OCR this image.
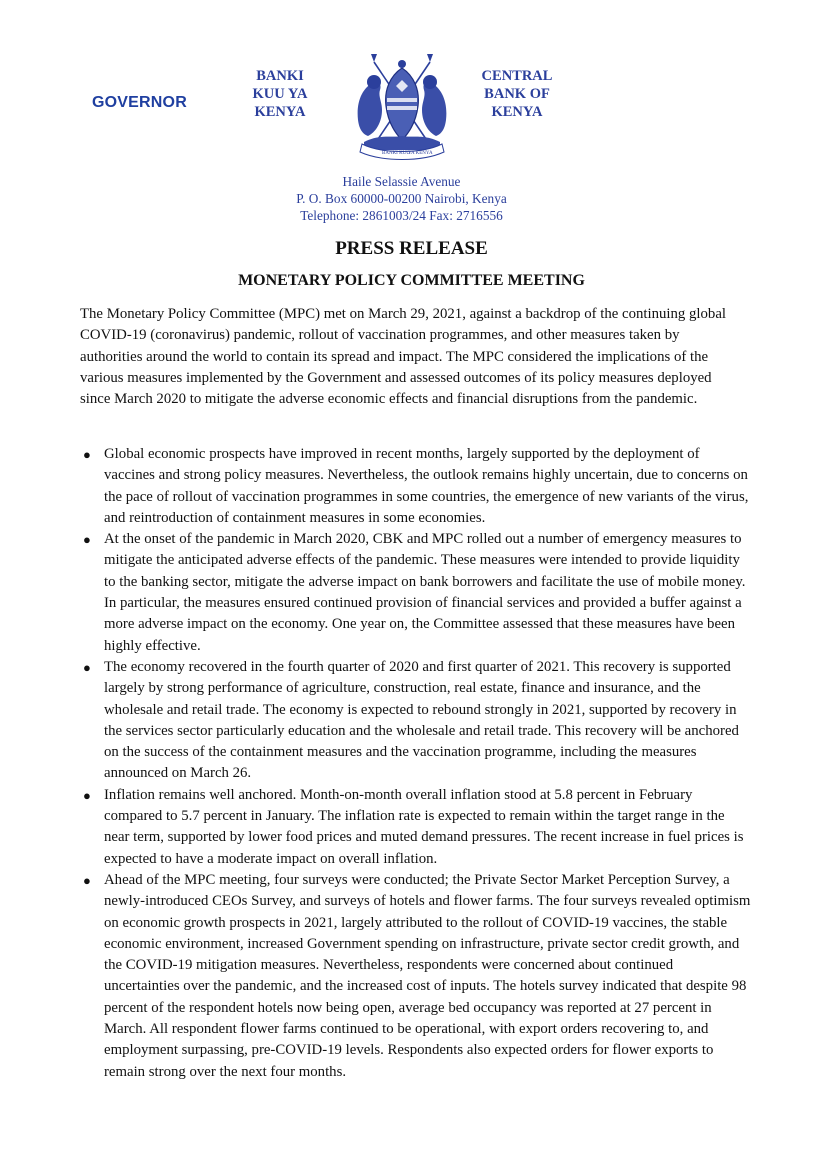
GOVERNOR
BANKI
KUU YA
KENYA
BANKI KUU
YA KENYA
CENTRAL
BANK OF
KENYA
Haile Selassie Avenue
P. O. Box 60000-00200 Nairobi, Kenya
Telephone: 2861003/24 Fax: 2716556
PRESS RELEASE
MONETARY POLICY COMMITTEE MEETING

The Monetary Policy Committee (MPC) met on March 29, 2021, against a backdrop of the continuing global COVID-19 (coronavirus) pandemic, rollout of vaccination programmes, and other measures taken by authorities around the world to contain its spread and impact. The MPC considered the implications of the various measures implemented by the Government and assessed outcomes of its policy measures deployed since March 2020 to mitigate the adverse economic effects and financial disruptions from the pandemic.

● Global economic prospects have improved in recent months, largely supported by the deployment of vaccines and strong policy measures. Nevertheless, the outlook remains highly uncertain, due to concerns on the pace of rollout of vaccination programmes in some countries, the emergence of new variants of the virus, and reintroduction of containment measures in some economies.
● At the onset of the pandemic in March 2020, CBK and MPC rolled out a number of emergency measures to mitigate the anticipated adverse effects of the pandemic. These measures were intended to provide liquidity to the banking sector, mitigate the adverse impact on bank borrowers and facilitate the use of mobile money. In particular, the measures ensured continued provision of financial services and provided a buffer against a more adverse impact on the economy. One year on, the Committee assessed that these measures have been highly effective.
● The economy recovered in the fourth quarter of 2020 and first quarter of 2021. This recovery is supported largely by strong performance of agriculture, construction, real estate, finance and insurance, and the wholesale and retail trade. The economy is expected to rebound strongly in 2021, supported by recovery in the services sector particularly education and the wholesale and retail trade. This recovery will be anchored on the success of the containment measures and the vaccination programme, including the measures announced on March 26.
● Inflation remains well anchored. Month-on-month overall inflation stood at 5.8 percent in February compared to 5.7 percent in January. The inflation rate is expected to remain within the target range in the near term, supported by lower food prices and muted demand pressures. The recent increase in fuel prices is expected to have a moderate impact on overall inflation.
● Ahead of the MPC meeting, four surveys were conducted; the Private Sector Market Perception Survey, a newly-introduced CEOs Survey, and surveys of hotels and flower farms. The four surveys revealed optimism on economic growth prospects in 2021, largely attributed to the rollout of COVID-19 vaccines, the stable economic environment, increased Government spending on infrastructure, private sector credit growth, and the COVID-19 mitigation measures. Nevertheless, respondents were concerned about continued uncertainties over the pandemic, and the increased cost of inputs. The hotels survey indicated that despite 98 percent of the respondent hotels now being open, average bed occupancy was reported at 27 percent in March. All respondent flower farms continued to be operational, with export orders recovering to, and employment surpassing, pre-COVID-19 levels. Respondents also expected orders for flower exports to remain strong over the next four months.
